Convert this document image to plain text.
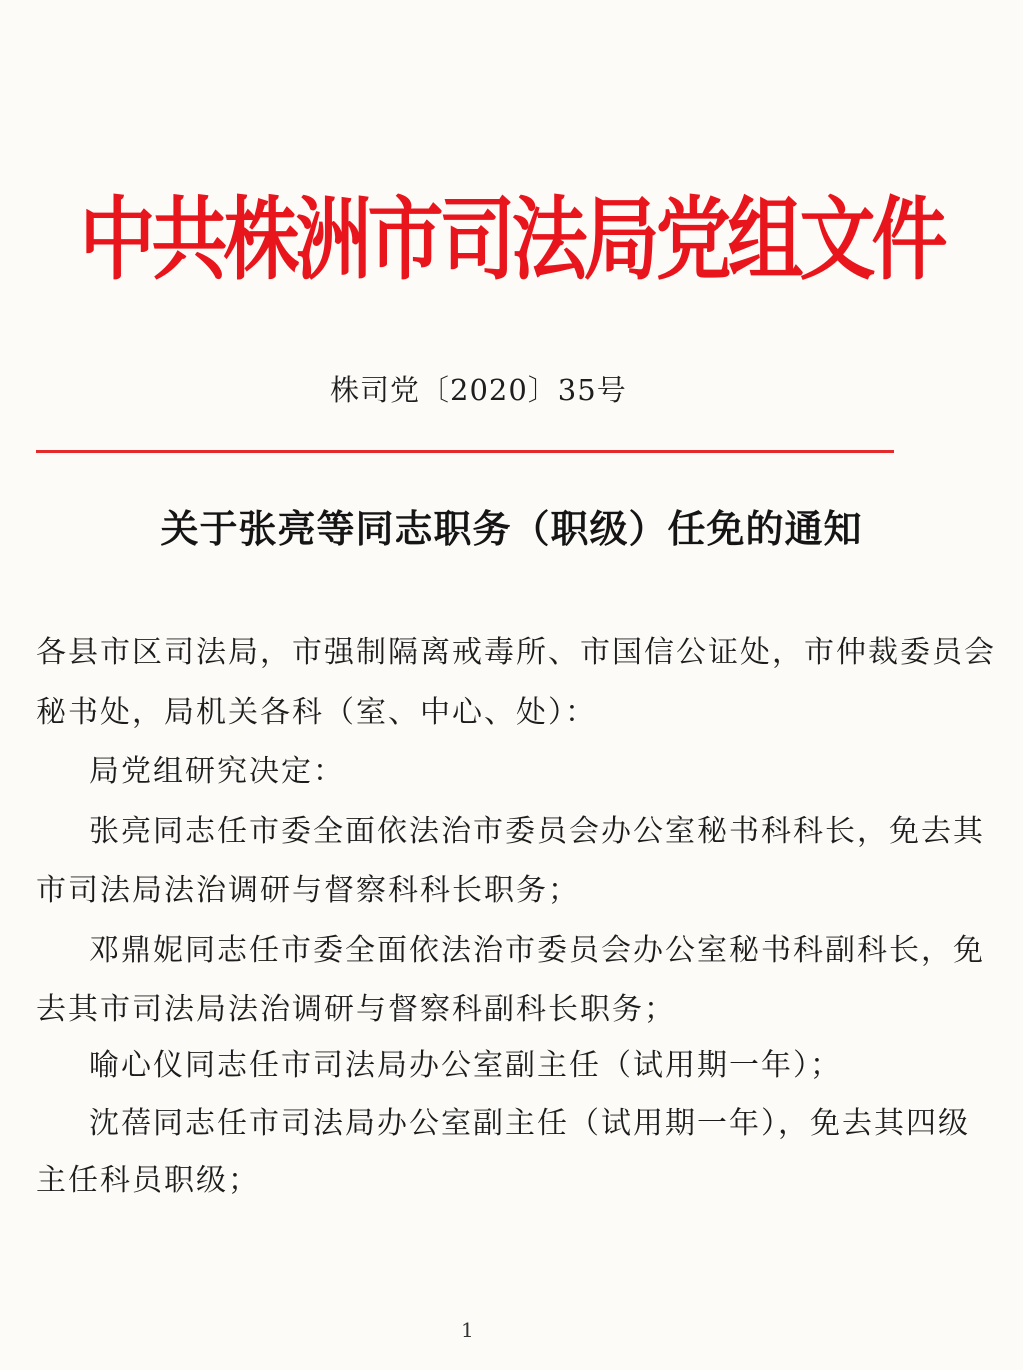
中共株洲市司法局党组文件
株司党〔2020〕35号
关于张亮等同志职务（职级）任免的通知
各县市区司法局，市强制隔离戒毒所、市国信公证处，市仲裁委员会
秘书处，局机关各科（室、中心、处）：
局党组研究决定：
张亮同志任市委全面依法治市委员会办公室秘书科科长，免去其
市司法局法治调研与督察科科长职务；
邓鼎妮同志任市委全面依法治市委员会办公室秘书科副科长，免
去其市司法局法治调研与督察科副科长职务；
喻心仪同志任市司法局办公室副主任（试用期一年）；
沈蓓同志任市司法局办公室副主任（试用期一年），免去其四级
主任科员职级；
1
